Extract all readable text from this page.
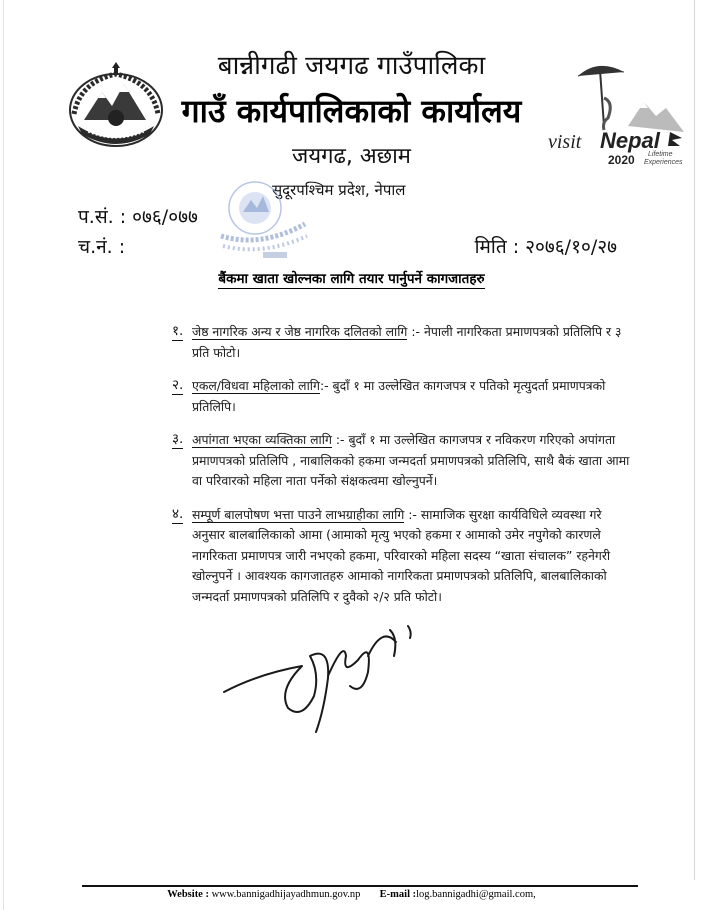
visit Nepal
Lifetime
2020 Experiences
बान्नीगढी जयगढ गाउँपालिका
गाउँ कार्यपालिकाको कार्यालय
जयगढ, अछाम
सुदूरपश्चिम प्रदेश, नेपाल
प.सं. : ०७६/०७७
च.नं. :	मिति : २०७६/१०/२७
बैंकमा खाता खोल्नका लागि तयार पार्नुपर्ने कागजातहरु
१. जेष्ठ नागरिक अन्य र जेष्ठ नागरिक दलितको लागि :- नेपाली नागरिकता प्रमाणपत्रको प्रतिलिपि र ३ प्रति फोटो।

२. एकल/विधवा महिलाको लागि:- बुदाँ १ मा उल्लेखित कागजपत्र र पतिको मृत्युदर्ता प्रमाणपत्रको प्रतिलिपि।

३. अपांगता भएका व्यक्तिका लागि :- बुदाँ १ मा उल्लेखित कागजपत्र र नविकरण गरिएको अपांगता प्रमाणपत्रको प्रतिलिपि , नाबालिकको हकमा जन्मदर्ता प्रमाणपत्रको प्रतिलिपि, साथै बैकं खाता आमा वा परिवारको महिला नाता पर्नेको संक्षकत्वमा खोल्नुपर्ने।

४. सम्पूर्ण बालपोषण भत्ता पाउने लाभग्राहीका लागि :- सामाजिक सुरक्षा कार्यविधिले व्यवस्था गरे अनुसार बालबालिकाको आमा (आमाको मृत्यु भएको हकमा र आमाको उमेर नपुगेको कारणले नागरिकता प्रमाणपत्र जारी नभएको हकमा, परिवारको महिला सदस्य “खाता संचालक” रहनेगरी खोल्नुपर्ने । आवश्यक कागजातहरु आमाको नागरिकता प्रमाणपत्रको प्रतिलिपि, बालबालिकाको जन्मदर्ता प्रमाणपत्रको प्रतिलिपि र दुवैको २/२ प्रति फोटो।

Website : www.bannigadhijayadhmun.gov.np E-mail :log.bannigadhi@gmail.com,
